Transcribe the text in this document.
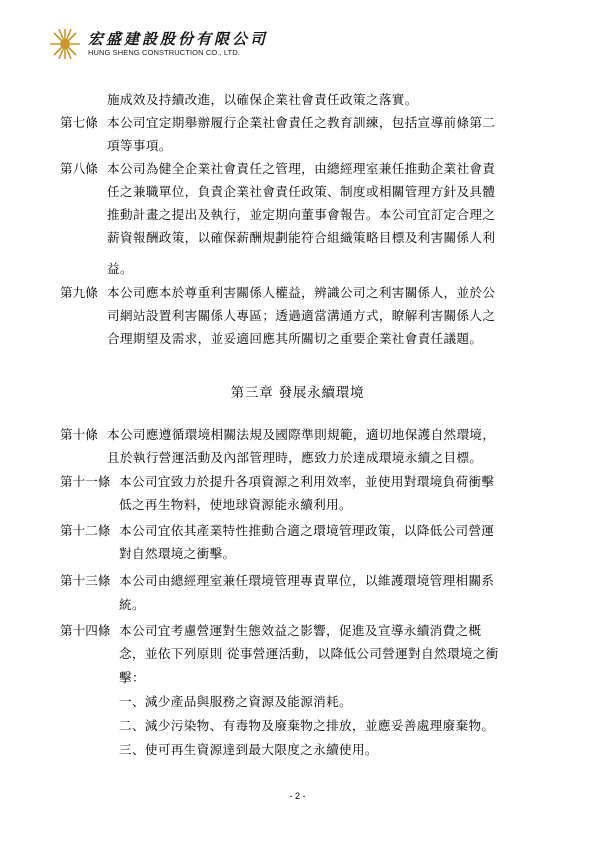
宏盛建設股份有限公司
HUNG SHENG CONSTRUCTION CO., LTD.
施成效及持續改進，以確保企業社會責任政策之落實。
第七條 本公司宜定期舉辦履行企業社會責任之教育訓練，包括宣導前條第二
項等事項。
第八條 本公司為健全企業社會責任之管理，由總經理室兼任推動企業社會責
任之兼職單位，負責企業社會責任政策、制度或相關管理方針及具體
推動計畫之提出及執行，並定期向董事會報告。本公司宜訂定合理之
薪資報酬政策，以確保薪酬規劃能符合組織策略目標及利害關係人利
益。
第九條 本公司應本於尊重利害關係人權益，辨識公司之利害關係人，並於公
司網站設置利害關係人專區；透過適當溝通方式，瞭解利害關係人之
合理期望及需求，並妥適回應其所關切之重要企業社會責任議題。
第三章 發展永續環境
第十條 本公司應遵循環境相關法規及國際準則規範，適切地保護自然環境，
且於執行營運活動及內部管理時，應致力於達成環境永續之目標。
第十一條 本公司宜致力於提升各項資源之利用效率，並使用對環境負荷衝擊
低之再生物料，使地球資源能永續利用。
第十二條 本公司宜依其產業特性推動合適之環境管理政策，以降低公司營運
對自然環境之衝擊。
第十三條 本公司由總經理室兼任環境管理專責單位，以維護環境管理相關系
統。
第十四條 本公司宜考慮營運對生態效益之影響，促進及宣導永續消費之概
念，並依下列原則 從事營運活動，以降低公司營運對自然環境之衝
擊：
一、減少產品與服務之資源及能源消耗。
二、減少污染物、有毒物及廢棄物之排放，並應妥善處理廢棄物。
三、使可再生資源達到最大限度之永續使用。
- 2 -
